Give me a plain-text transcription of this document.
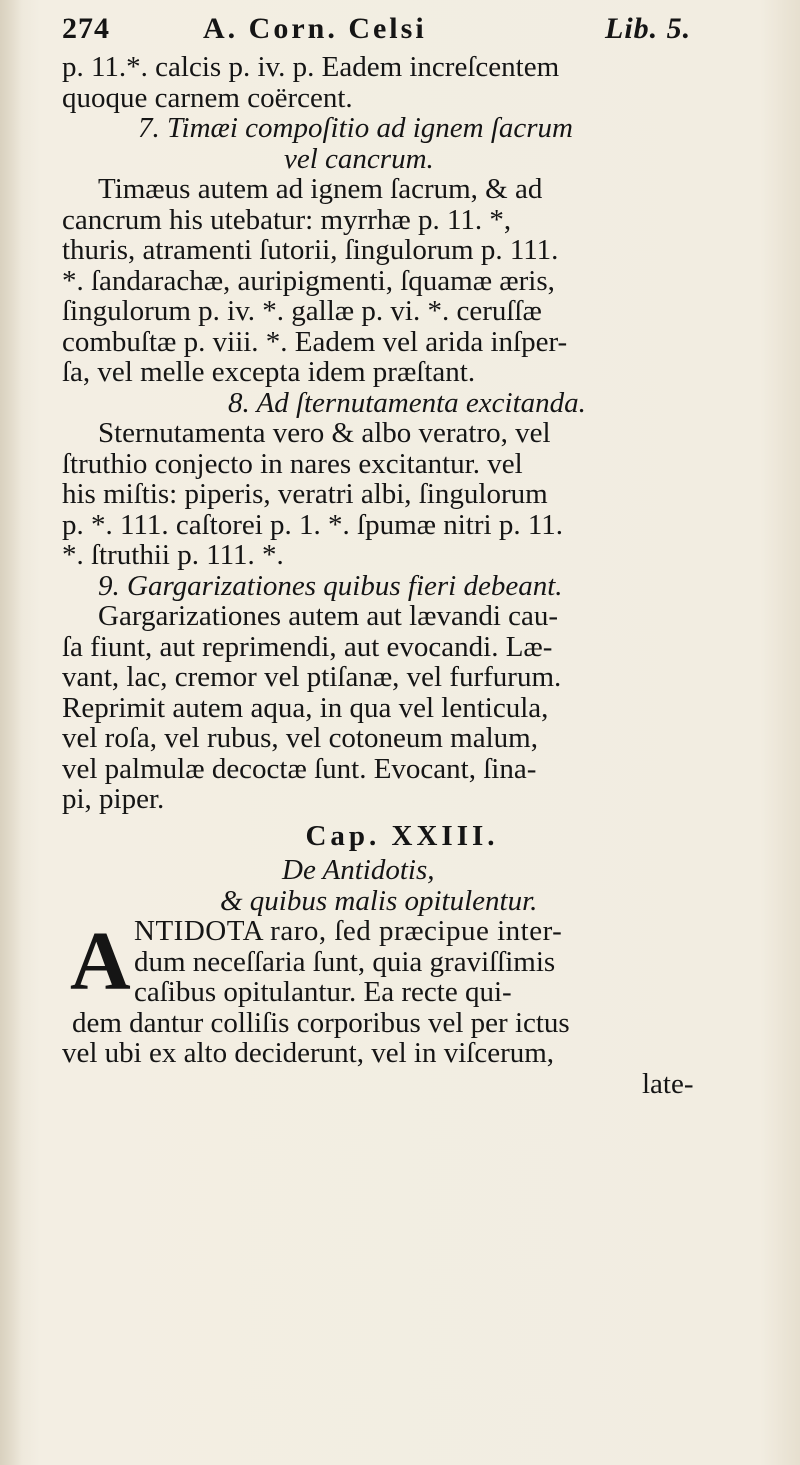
274	A. Corn. Celsi	Lib. 5.
p. 11.*. calcis p. iv. p. Eadem increſcentem
quoque carnem coërcent.
7. Timæi compoſitio ad ignem ſacrum
vel cancrum.
Timæus autem ad ignem ſacrum, & ad
cancrum his utebatur: myrrhæ p. 11. *,
thuris, atramenti ſutorii, ſingulorum p. 111.
*. ſandarachæ, auripigmenti, ſquamæ æris,
ſingulorum p. iv. *. gallæ p. vi. *. ceruſſæ
combuſtæ p. viii. *. Eadem vel arida inſper-
ſa, vel melle excepta idem præſtant.
8. Ad ſternutamenta excitanda.
Sternutamenta vero & albo veratro, vel
ſtruthio conjecto in nares excitantur. vel
his miſtis: piperis, veratri albi, ſingulorum
p. *. 111. caſtorei p. 1. *. ſpumæ nitri p. 11.
*. ſtruthii p. 111. *.
9. Gargarizationes quibus fieri debeant.
Gargarizationes autem aut lævandi cau-
ſa fiunt, aut reprimendi, aut evocandi. Læ-
vant, lac, cremor vel ptiſanæ, vel furfurum.
Reprimit autem aqua, in qua vel lenticula,
vel roſa, vel rubus, vel cotoneum malum,
vel palmulæ decoctæ ſunt. Evocant, ſina-
pi, piper.
Cap. XXIII.
De Antidotis,
& quibus malis opitulentur.
A NTIDOTA raro, ſed præcipue inter-
dum neceſſaria ſunt, quia graviſſimis
caſibus opitulantur. Ea recte qui-
dem dantur colliſis corporibus vel per ictus
vel ubi ex alto deciderunt, vel in viſcerum,
late-
